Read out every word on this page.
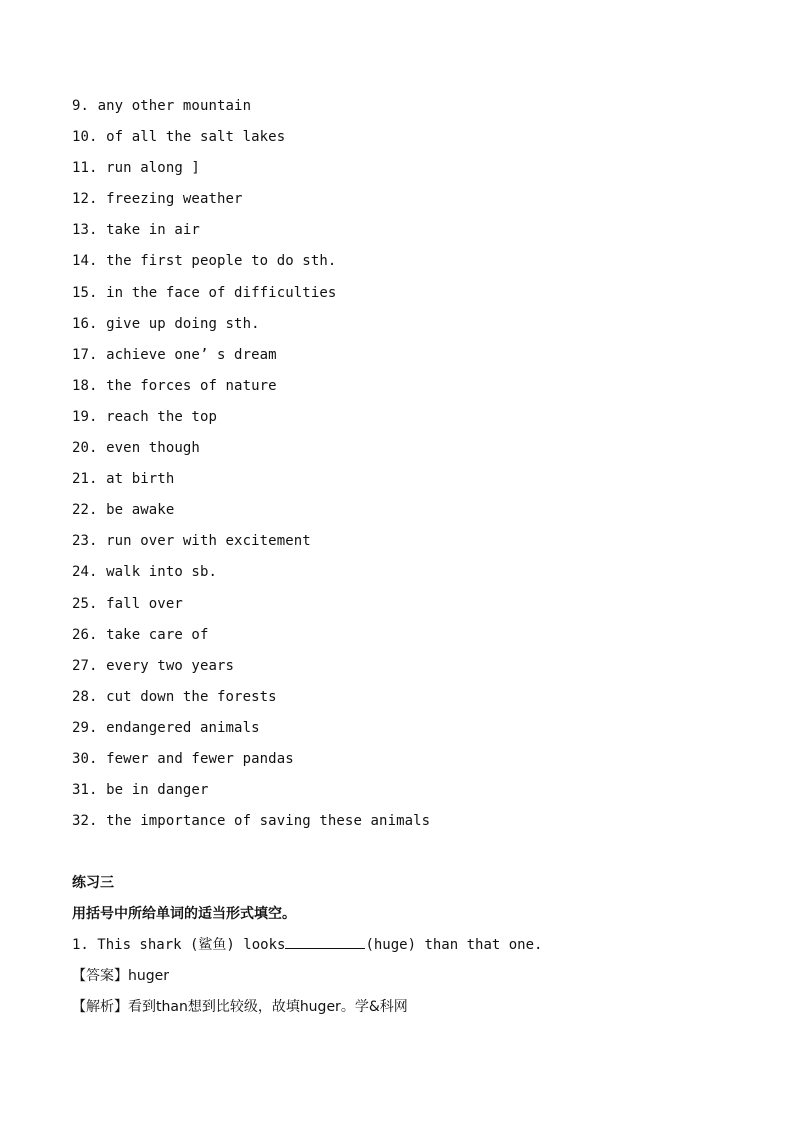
9. any other mountain
10. of all the salt lakes
11. run along ]
12. freezing weather
13. take in air
14. the first people to do sth.
15. in the face of difficulties
16. give up doing sth.
17. achieve one’ s dream
18. the forces of nature
19. reach the top
20. even though
21. at birth
22. be awake
23. run over with excitement
24. walk into sb.
25. fall over
26. take care of
27. every two years
28. cut down the forests
29. endangered animals
30. fewer and fewer pandas
31. be in danger
32. the importance of saving these animals
练习三
用括号中所给单词的适当形式填空。
1. This shark (鲨鱼) looks	(huge) than that one.
【答案】huger
【解析】看到than想到比较级，故填huger。学&科网
